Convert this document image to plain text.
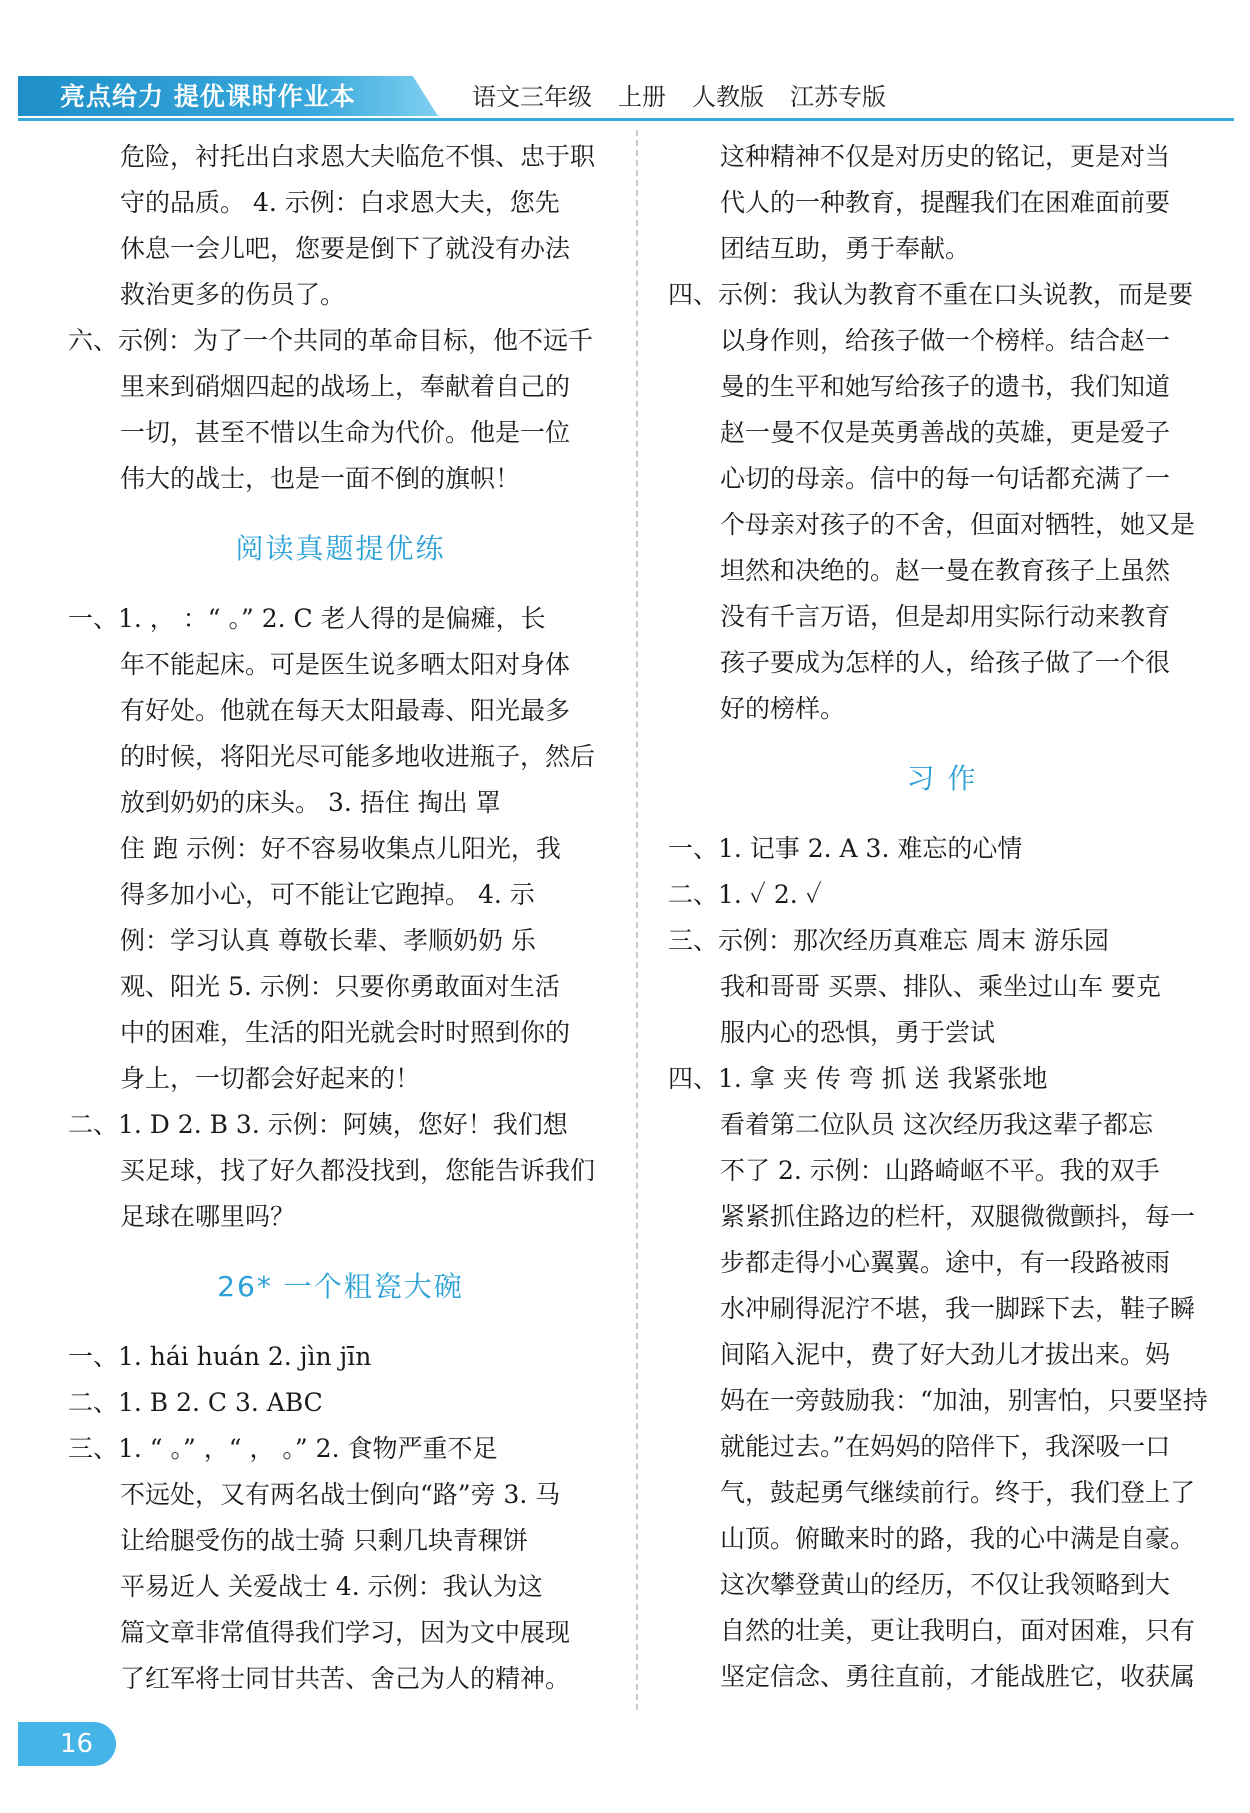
亮点给力 提优课时作业本	语文三年级 上册 人教版 江苏专版

危险，衬托出白求恩大夫临危不惧、忠于职

守的品质。 4. 示例：白求恩大夫，您先

休息一会儿吧，您要是倒下了就没有办法

救治更多的伤员了。

六、示例：为了一个共同的革命目标，他不远千

里来到硝烟四起的战场上，奉献着自己的

一切，甚至不惜以生命为代价。他是一位

伟大的战士，也是一面不倒的旗帜！

阅读真题提优练

一、1. ， ：“ 。” 2. C 老人得的是偏瘫，长

年不能起床。可是医生说多晒太阳对身体

有好处。他就在每天太阳最毒、阳光最多

的时候，将阳光尽可能多地收进瓶子，然后

放到奶奶的床头。 3. 捂住 掏出 罩

住 跑 示例：好不容易收集点儿阳光，我

得多加小心，可不能让它跑掉。 4. 示

例：学习认真 尊敬长辈、孝顺奶奶 乐

观、阳光 5. 示例：只要你勇敢面对生活

中的困难，生活的阳光就会时时照到你的

身上，一切都会好起来的！

二、1. D 2. B 3. 示例：阿姨，您好！我们想

买足球，找了好久都没找到，您能告诉我们

足球在哪里吗？

26* 一个粗瓷大碗

一、1. hái huán 2. jìn jīn

二、1. B 2. C 3. ABC

三、1. “ 。” ，“ ， 。” 2. 食物严重不足

不远处，又有两名战士倒向“路”旁 3. 马

让给腿受伤的战士骑 只剩几块青稞饼

平易近人 关爱战士 4. 示例：我认为这

篇文章非常值得我们学习，因为文中展现

了红军将士同甘共苦、舍己为人的精神。

这种精神不仅是对历史的铭记，更是对当

代人的一种教育，提醒我们在困难面前要

团结互助，勇于奉献。

四、示例：我认为教育不重在口头说教，而是要

以身作则，给孩子做一个榜样。结合赵一

曼的生平和她写给孩子的遗书，我们知道

赵一曼不仅是英勇善战的英雄，更是爱子

心切的母亲。信中的每一句话都充满了一

个母亲对孩子的不舍，但面对牺牲，她又是

坦然和决绝的。赵一曼在教育孩子上虽然

没有千言万语，但是却用实际行动来教育

孩子要成为怎样的人，给孩子做了一个很

好的榜样。

习 作

一、1. 记事 2. A 3. 难忘的心情

二、1. ✓ 2. ✓

三、示例：那次经历真难忘 周末 游乐园

我和哥哥 买票、排队、乘坐过山车 要克

服内心的恐惧，勇于尝试

四、1. 拿 夹 传 弯 抓 送 我紧张地

看着第二位队员 这次经历我这辈子都忘

不了 2. 示例：山路崎岖不平。我的双手

紧紧抓住路边的栏杆，双腿微微颤抖，每一

步都走得小心翼翼。途中，有一段路被雨

水冲刷得泥泞不堪，我一脚踩下去，鞋子瞬

间陷入泥中，费了好大劲儿才拔出来。妈

妈在一旁鼓励我：“加油，别害怕，只要坚持

就能过去。”在妈妈的陪伴下，我深吸一口

气，鼓起勇气继续前行。终于，我们登上了

山顶。俯瞰来时的路，我的心中满是自豪。

这次攀登黄山的经历，不仅让我领略到大

自然的壮美，更让我明白，面对困难，只有

坚定信念、勇往直前，才能战胜它，收获属

16
